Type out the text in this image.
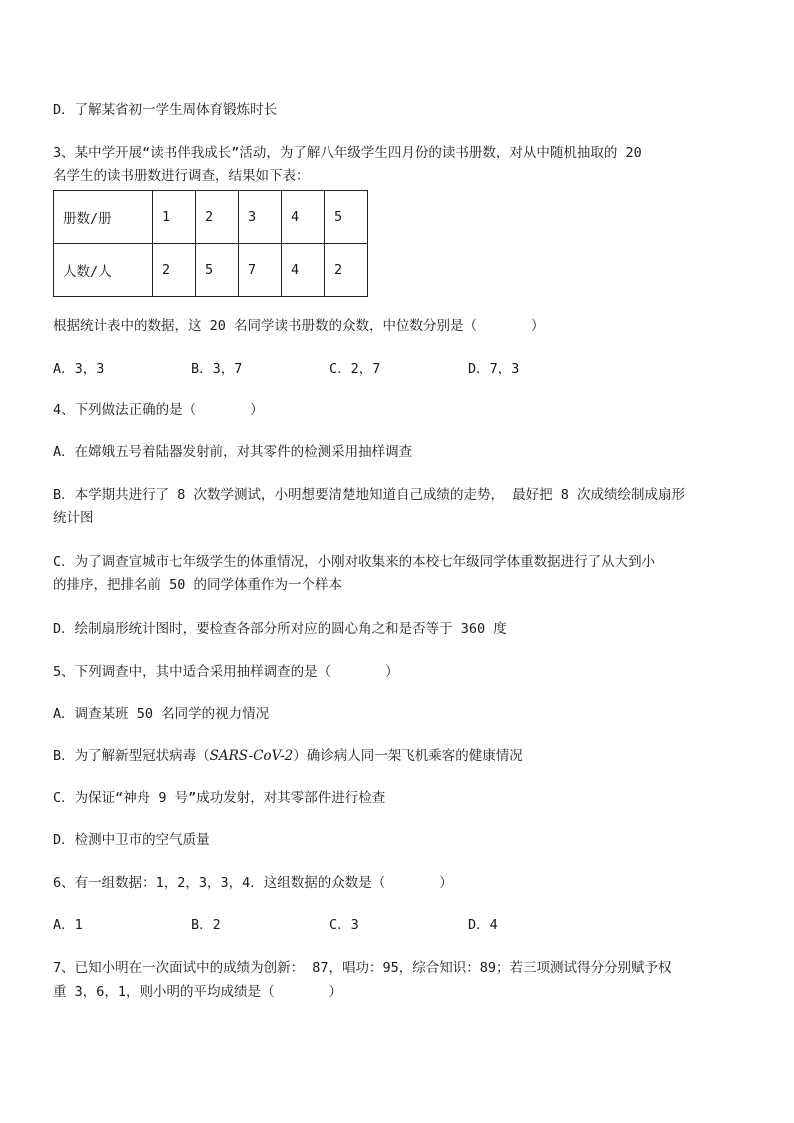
D．了解某省初一学生周体育锻炼时长
3、某中学开展“读书伴我成长”活动，为了解八年级学生四月份的读书册数，对从中随机抽取的 20
名学生的读书册数进行调查，结果如下表：
册数/册	1	2	3	4	5
人数/人	2	5	7	4	2
根据统计表中的数据，这 20 名同学读书册数的众数，中位数分别是（　　　　）
A．3，3	B．3，7	C．2，7	D．7，3
4、下列做法正确的是（　　　　）
A．在嫦娥五号着陆器发射前，对其零件的检测采用抽样调查
B．本学期共进行了 8 次数学测试，小明想要清楚地知道自己成绩的走势， 最好把 8 次成绩绘制成扇形
统计图
C．为了调查宣城市七年级学生的体重情况，小刚对收集来的本校七年级同学体重数据进行了从大到小
的排序，把排名前 50 的同学体重作为一个样本
D．绘制扇形统计图时，要检查各部分所对应的圆心角之和是否等于 360 度
5、下列调查中，其中适合采用抽样调查的是（　　　　）
A．调查某班 50 名同学的视力情况
B．为了解新型冠状病毒（SARS-CoV-2）确诊病人同一架飞机乘客的健康情况
C．为保证“神舟 9 号”成功发射，对其零部件进行检查
D．检测中卫市的空气质量
6、有一组数据：1，2，3，3，4．这组数据的众数是（　　　　）
A．1	B．2	C．3	D．4
7、已知小明在一次面试中的成绩为创新： 87，唱功：95，综合知识：89；若三项测试得分分别赋予权
重 3，6，1，则小明的平均成绩是（　　　　）
